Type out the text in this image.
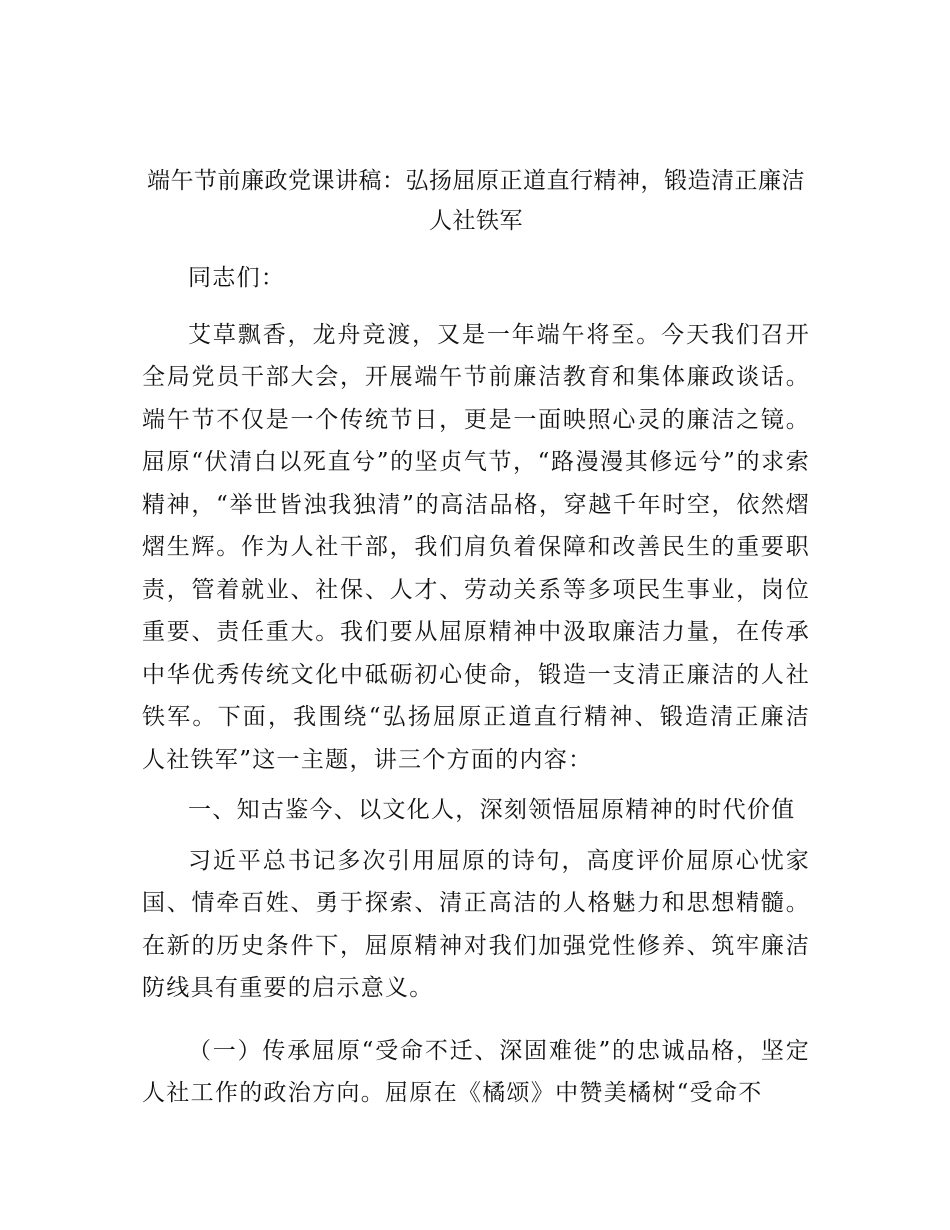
端午节前廉政党课讲稿：弘扬屈原正道直行精神，锻造清正廉洁人社铁军

同志们：

艾草飘香，龙舟竞渡，又是一年端午将至。今天我们召开全局党员干部大会，开展端午节前廉洁教育和集体廉政谈话。端午节不仅是一个传统节日，更是一面映照心灵的廉洁之镜。屈原“伏清白以死直兮”的坚贞气节，“路漫漫其修远兮”的求索精神，“举世皆浊我独清”的高洁品格，穿越千年时空，依然熠熠生辉。作为人社干部，我们肩负着保障和改善民生的重要职责，管着就业、社保、人才、劳动关系等多项民生事业，岗位重要、责任重大。我们要从屈原精神中汲取廉洁力量，在传承中华优秀传统文化中砥砺初心使命，锻造一支清正廉洁的人社铁军。下面，我围绕“弘扬屈原正道直行精神、锻造清正廉洁人社铁军”这一主题，讲三个方面的内容：

一、知古鉴今、以文化人，深刻领悟屈原精神的时代价值

习近平总书记多次引用屈原的诗句，高度评价屈原心忧家国、情牵百姓、勇于探索、清正高洁的人格魅力和思想精髓。在新的历史条件下，屈原精神对我们加强党性修养、筑牢廉洁防线具有重要的启示意义。

（一）传承屈原“受命不迁、深固难徙”的忠诚品格，坚定人社工作的政治方向。屈原在《橘颂》中赞美橘树“受命不
